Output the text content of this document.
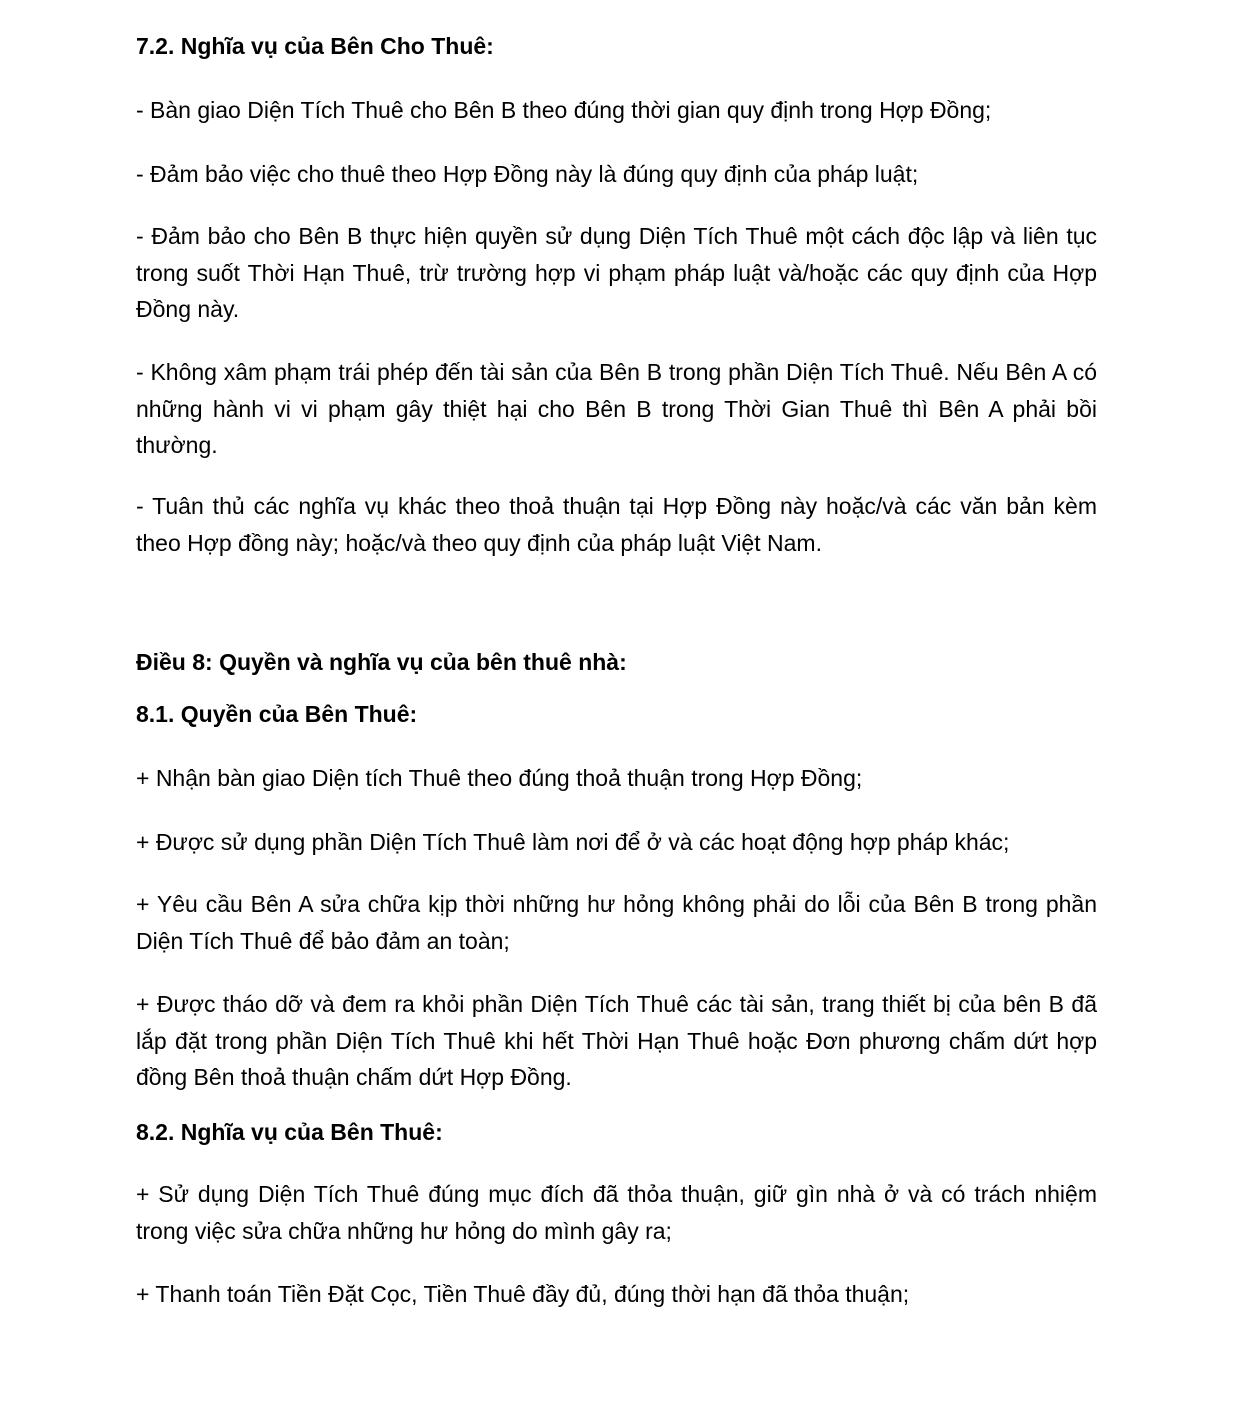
7.2. Nghĩa vụ của Bên Cho Thuê:
- Bàn giao Diện Tích Thuê cho Bên B theo đúng thời gian quy định trong Hợp Đồng;
- Đảm bảo việc cho thuê theo Hợp Đồng này là đúng quy định của pháp luật;
- Đảm bảo cho Bên B thực hiện quyền sử dụng Diện Tích Thuê một cách độc lập và liên tục trong suốt Thời Hạn Thuê, trừ trường hợp vi phạm pháp luật và/hoặc các quy định của Hợp Đồng này.
- Không xâm phạm trái phép đến tài sản của Bên B trong phần Diện Tích Thuê. Nếu Bên A có những hành vi vi phạm gây thiệt hại cho Bên B trong Thời Gian Thuê thì Bên A phải bồi thường.
- Tuân thủ các nghĩa vụ khác theo thoả thuận tại Hợp Đồng này hoặc/và các văn bản kèm theo Hợp đồng này; hoặc/và theo quy định của pháp luật Việt Nam.
Điều 8: Quyền và nghĩa vụ của bên thuê nhà:
8.1. Quyền của Bên Thuê:
+ Nhận bàn giao Diện tích Thuê theo đúng thoả thuận trong Hợp Đồng;
+ Được sử dụng phần Diện Tích Thuê làm nơi để ở và các hoạt động hợp pháp khác;
+ Yêu cầu Bên A sửa chữa kịp thời những hư hỏng không phải do lỗi của Bên B trong phần Diện Tích Thuê để bảo đảm an toàn;
+ Được tháo dỡ và đem ra khỏi phần Diện Tích Thuê các tài sản, trang thiết bị của bên B đã lắp đặt trong phần Diện Tích Thuê khi hết Thời Hạn Thuê hoặc Đơn phương chấm dứt hợp đồng Bên thoả thuận chấm dứt Hợp Đồng.
8.2. Nghĩa vụ của Bên Thuê:
+ Sử dụng Diện Tích Thuê đúng mục đích đã thỏa thuận, giữ gìn nhà ở và có trách nhiệm trong việc sửa chữa những hư hỏng do mình gây ra;
+ Thanh toán Tiền Đặt Cọc, Tiền Thuê đầy đủ, đúng thời hạn đã thỏa thuận;
